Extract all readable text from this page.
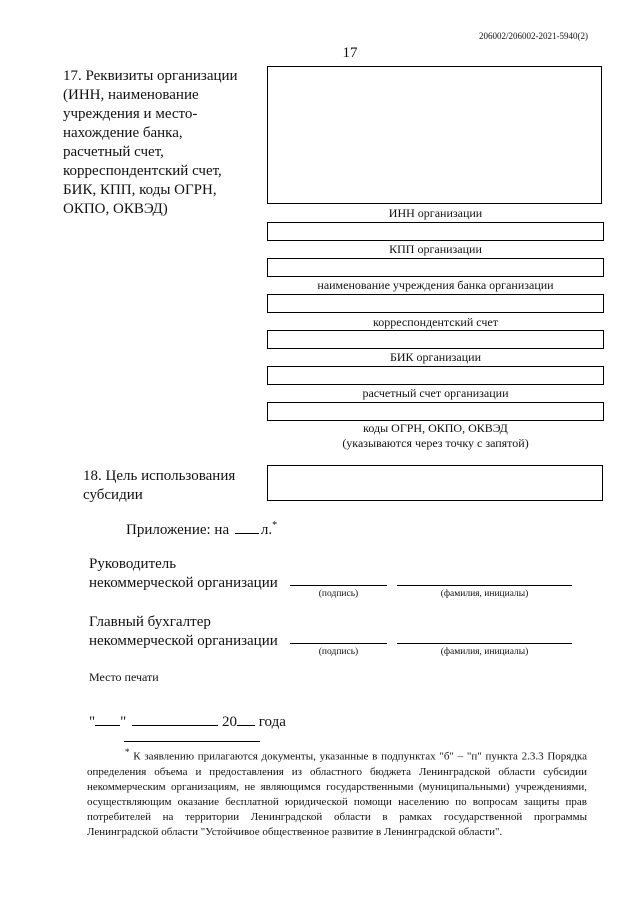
206002/206002-2021-5940(2)
17
17. Реквизиты организации
(ИНН, наименование
учреждения и место-
нахождение банка,
расчетный счет,
корреспондентский счет,
БИК, КПП, коды ОГРН,
ОКПО, ОКВЭД)	ИНН организации
КПП организации
наименование учреждения банка организации
корреспондентский счет
БИК организации
расчетный счет организации
коды ОГРН, ОКПО, ОКВЭД
(указываются через точку с запятой)
18. Цель использования
субсидии
Приложение: на л.*
Руководитель
некоммерческой организации
(подпись)	(фамилия, инициалы)
Главный бухгалтер
некоммерческой организации
(подпись)	(фамилия, инициалы)
Место печати
" "	20 года
* К заявлению прилагаются документы, указанные в подпунктах "б" – "п" пункта 2.3.3 Порядка определения объема и предоставления из областного бюджета Ленинградской области субсидии некоммерческим организациям, не являющимся государственными (муниципальными) учреждениями, осуществляющим оказание бесплатной юридической помощи населению по вопросам защиты прав потребителей на территории Ленинградской области в рамках государственной программы Ленинградской области "Устойчивое общественное развитие в Ленинградской области".
